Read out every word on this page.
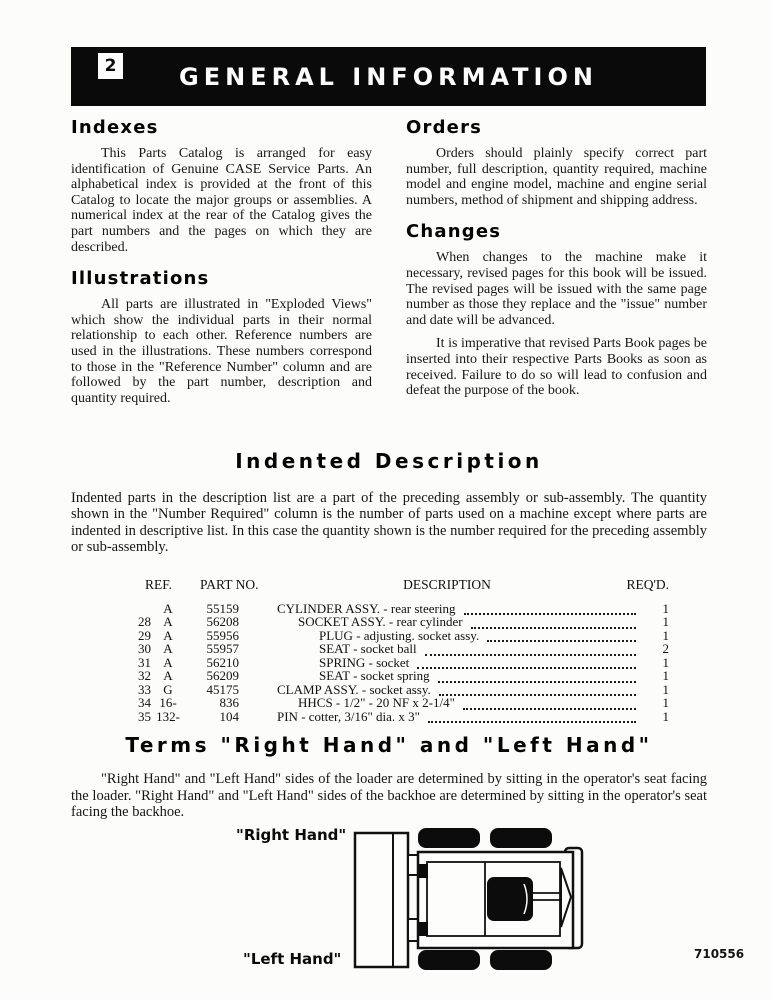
2	GENERAL INFORMATION
Indexes

This Parts Catalog is arranged for easy identification of Genuine CASE Service Parts. An alphabetical index is provided at the front of this Catalog to locate the major groups or assemblies. A numerical index at the rear of the Catalog gives the part numbers and the pages on which they are described.

Illustrations

All parts are illustrated in "Exploded Views" which show the individual parts in their normal relationship to each other. Reference numbers are used in the illustrations. These numbers correspond to those in the "Reference Number" column and are followed by the part number, description and quantity required.

Orders

Orders should plainly specify correct part number, full description, quantity required, machine model and engine model, machine and engine serial numbers, method of shipment and shipping address.

Changes

When changes to the machine make it necessary, revised pages for this book will be issued. The revised pages will be issued with the same page number as those they replace and the "issue" number and date will be advanced.

It is imperative that revised Parts Book pages be inserted into their respective Parts Books as soon as received. Failure to do so will lead to confusion and defeat the purpose of the book.

Indented Description

Indented parts in the description list are a part of the preceding assembly or sub-assembly. The quantity shown in the "Number Required" column is the number of parts used on a machine except where parts are indented in descriptive list. In this case the quantity shown is the number required for the preceding assembly or sub-assembly.

REF.	PART NO.	DESCRIPTION	REQ'D.
A	55159	CYLINDER ASSY. - rear steering	1
28 A	56208	SOCKET ASSY. - rear cylinder	1
29 A	55956	PLUG - adjusting. socket assy.	1
30 A	55957	SEAT - socket ball	2
31 A	56210	SPRING - socket	1
32 A	56209	SEAT - socket spring	1
33 G	45175	CLAMP ASSY. - socket assy.	1
34 16-	836	HHCS - 1/2" - 20 NF x 2-1/4"	1
35 132-	104	PIN - cotter, 3/16" dia. x 3"	1
Terms "Right Hand" and "Left Hand"

"Right Hand" and "Left Hand" sides of the loader are determined by sitting in the operator's seat facing the loader. "Right Hand" and "Left Hand" sides of the backhoe are determined by sitting in the operator's seat facing the backhoe.

"Right Hand"
"Left Hand"	710556
